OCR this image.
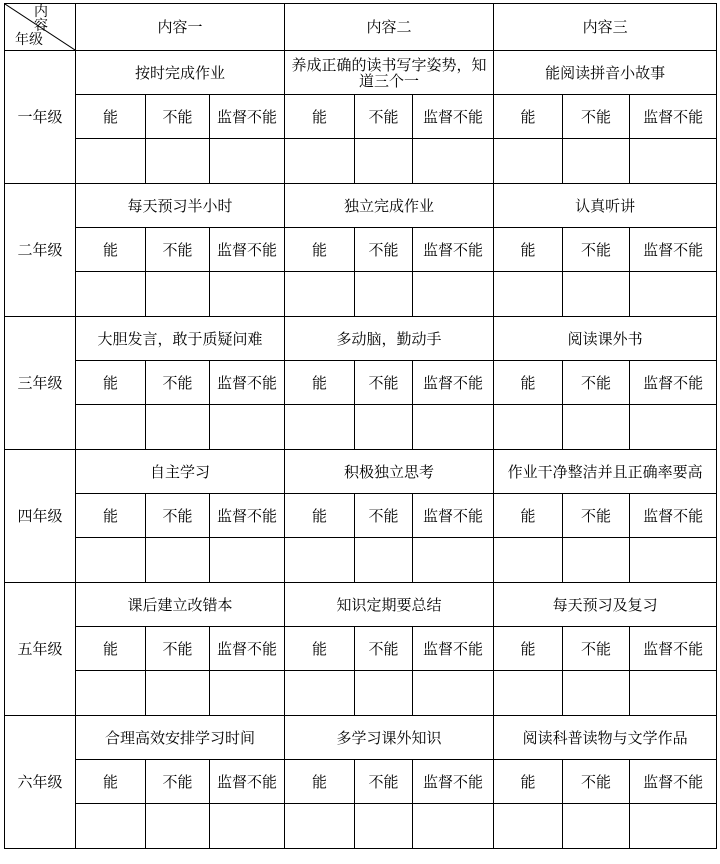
内容
年级	内容一			内容二			内容三		
一年级	按时完成作业			养成正确的读书写字姿势，知道三个一			能阅读拼音小故事		
	能	不能	监督不能	能	不能	监督不能	能	不能	监督不能

二年级	每天预习半小时			独立完成作业			认真听讲		
	能	不能	监督不能	能	不能	监督不能	能	不能	监督不能

三年级	大胆发言，敢于质疑问难			多动脑，勤动手			阅读课外书		
	能	不能	监督不能	能	不能	监督不能	能	不能	监督不能

四年级	自主学习			积极独立思考			作业干净整洁并且正确率要高		
	能	不能	监督不能	能	不能	监督不能	能	不能	监督不能

五年级	课后建立改错本			知识定期要总结			每天预习及复习		
	能	不能	监督不能	能	不能	监督不能	能	不能	监督不能

六年级	合理高效安排学习时间			多学习课外知识			阅读科普读物与文学作品		
	能	不能	监督不能	能	不能	监督不能	能	不能	监督不能
